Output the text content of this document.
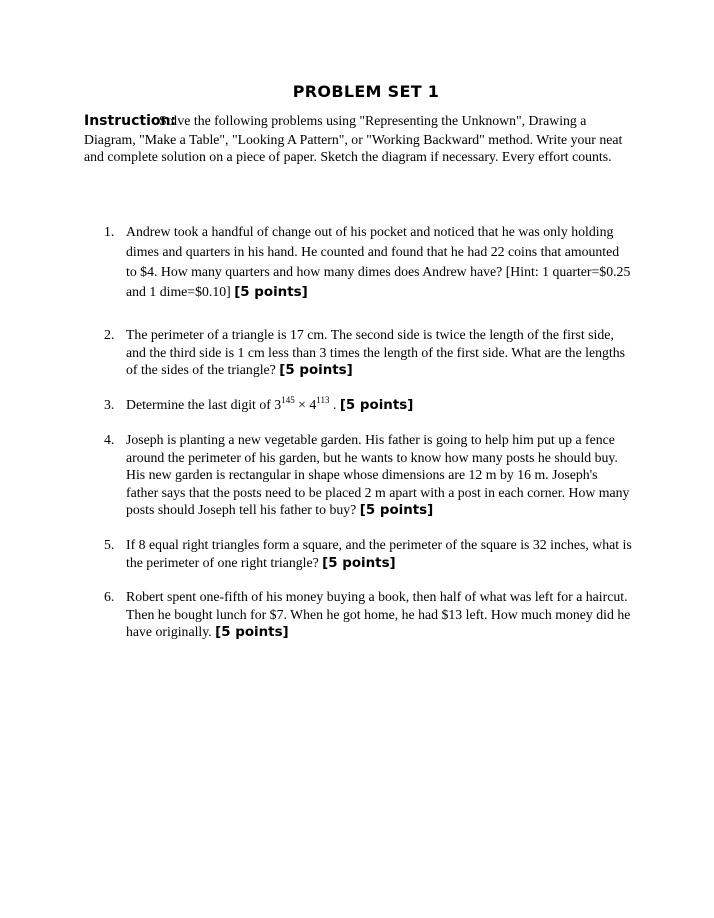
PROBLEM SET 1
Instruction:Solve the following problems using "Representing the Unknown", Drawing a Diagram, "Make a Table", "Looking A Pattern", or "Working Backward" method. Write your neat and complete solution on a piece of paper. Sketch the diagram if necessary. Every effort counts.
1. Andrew took a handful of change out of his pocket and noticed that he was only holding dimes and quarters in his hand. He counted and found that he had 22 coins that amounted to $4. How many quarters and how many dimes does Andrew have? [Hint: 1 quarter=$0.25 and 1 dime=$0.10] [5 points]
2. The perimeter of a triangle is 17 cm. The second side is twice the length of the first side, and the third side is 1 cm less than 3 times the length of the first side. What are the lengths of the sides of the triangle? [5 points]
3. Determine the last digit of $3^{145} \times 4^{113}$ . [5 points]
4. Joseph is planting a new vegetable garden. His father is going to help him put up a fence around the perimeter of his garden, but he wants to know how many posts he should buy. His new garden is rectangular in shape whose dimensions are 12 m by 16 m. Joseph's father says that the posts need to be placed 2 m apart with a post in each corner. How many posts should Joseph tell his father to buy? [5 points]
5. If 8 equal right triangles form a square, and the perimeter of the square is 32 inches, what is the perimeter of one right triangle? [5 points]
6. Robert spent one-fifth of his money buying a book, then half of what was left for a haircut. Then he bought lunch for $7. When he got home, he had $13 left. How much money did he have originally. [5 points]
